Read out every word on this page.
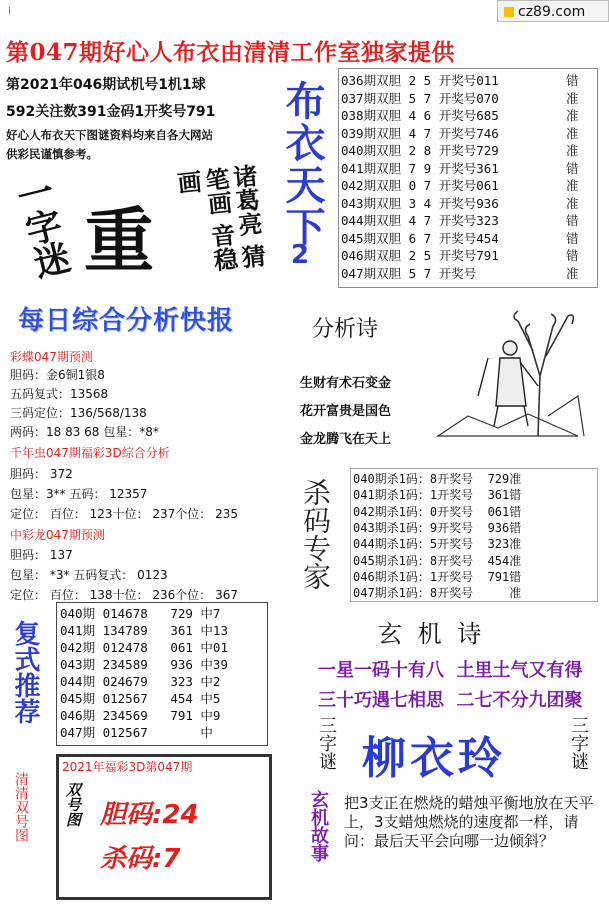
cz89.com
I
第047期好心人布衣由清清工作室独家提供
第2021年046期试机号1机1球
592关注数391金码1开奖号791
好心人布衣天下图谜资料均来自各大网站
供彩民谨慎参考。
一字迷 重	诸葛亮 猜笔画 音稳画	布衣天下
2
036期双胆 2 5 开奖号011	错
037期双胆 5 7 开奖号070	准
038期双胆 4 6 开奖号685	准
039期双胆 4 7 开奖号746	准
040期双胆 2 8 开奖号729	准
041期双胆 7 9 开奖号361	错
042期双胆 0 7 开奖号061	准
043期双胆 3 4 开奖号936	准
044期双胆 4 7 开奖号323	错
045期双胆 6 7 开奖号454	错
046期双胆 2 5 开奖号791	错
047期双胆 5 7 开奖号	准
分析诗
生财有术石变金
花开富贵是国色
金龙腾飞在天上
每日综合分析快报
彩蝶047期预测
胆码：金6铜1银8
五码复式：13568
三码定位：136/568/138
两码：18 83 68 包星：*8*
千年虫047期福彩3D综合分析
胆码： 372
包星：3** 五码： 12357
定位： 百位： 123十位： 237个位： 235
中彩龙047期预测
胆码： 137
包星： *3* 五码复式： 0123
定位： 百位： 138十位： 236个位： 367
复式推荐
040期 014678   729 中7
041期 134789   361 中13
042期 012478   061 中01
043期 234589   936 中39
044期 024679   323 中2
045期 012567   454 中5
046期 234569   791 中9
047期 012567       中
杀码专家 040期杀1码：8开奖号  729准
041期杀1码：1开奖号  361错
042期杀1码：0开奖号  061错
043期杀1码：9开奖号  936错
044期杀1码：5开奖号  323准
045期杀1码：8开奖号  454准
046期杀1码：1开奖号  791错
047期杀1码：8开奖号     准
玄 机 诗
一星一码十有八  土里土气又有得
三十巧遇七相思  二七不分九团聚
清清双号图
2021年福彩3D第047期
双号图 胆码:24
杀码:7
三字谜	三字谜
柳衣玲
玄机故事 把3支正在燃烧的蜡烛平衡地放在天平上，3支蜡烛燃烧的速度都一样，请问：最后天平会向哪一边倾斜？
